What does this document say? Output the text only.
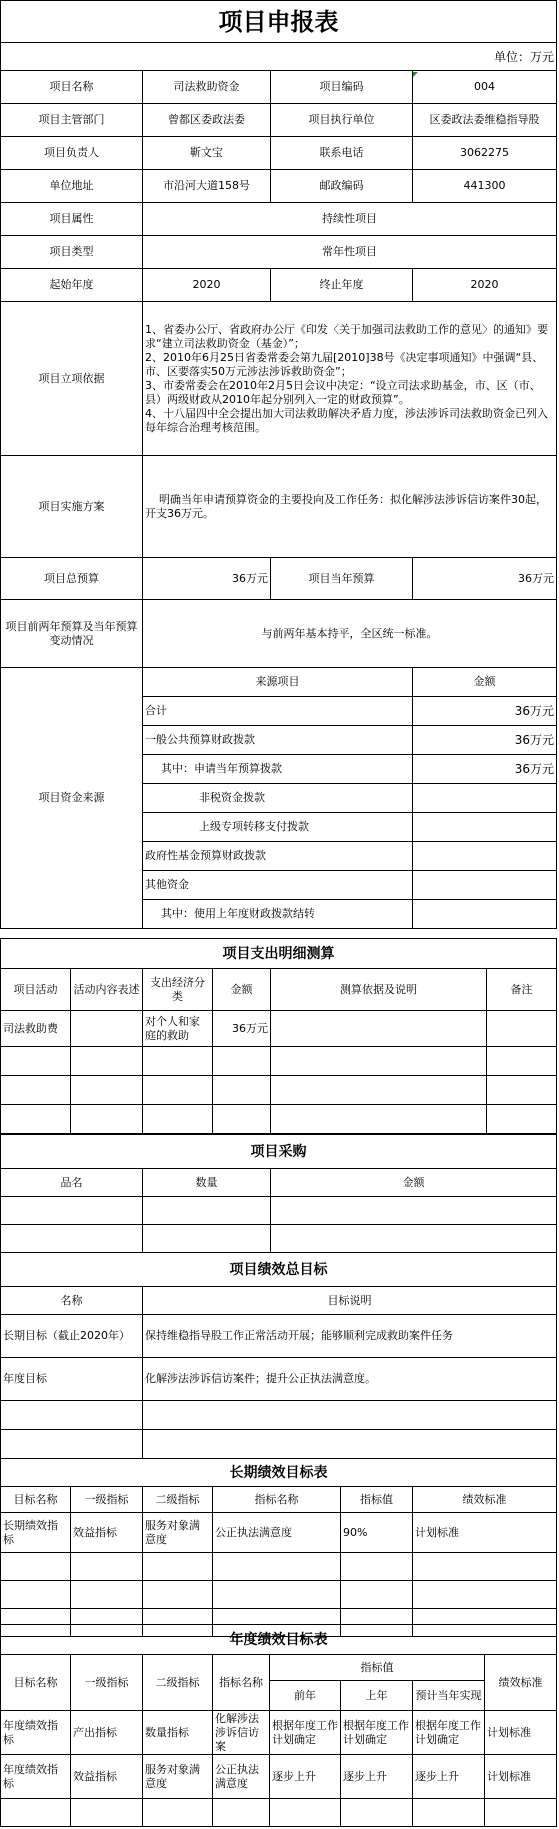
项目申报表			
单位：万元			
项目名称	司法救助资金	项目编码	004
项目主管部门	曾都区委政法委	项目执行单位	区委政法委维稳指导股
项目负责人	靳文宝	联系电话	3062275
单位地址	市沿河大道158号	邮政编码	441300
项目属性	持续性项目		
项目类型	常年性项目		
起始年度	2020	终止年度	2020
项目立项依据	1、省委办公厅、省政府办公厅《印发〈关于加强司法救助工作的意见〉的通知》要求“建立司法救助资金（基金）”；
2、2010年6月25日省委常委会第九届[2010]38号《决定事项通知》中强调“县、市、区要落实50万元涉法涉诉救助资金”；
3、市委常委会在2010年2月5日会议中决定：“设立司法求助基金，市、区（市、县）两级财政从2010年起分别列入一定的财政预算”。
4、十八届四中全会提出加大司法救助解决矛盾力度，涉法涉诉司法救助资金已列入每年综合治理考核范围。		
项目实施方案	明确当年申请预算资金的主要投向及工作任务：拟化解涉法涉诉信访案件30起，开支36万元。		
项目总预算	36万元	项目当年预算	36万元
项目前两年预算及当年预算变动情况	与前两年基本持平，全区统一标准。		
项目资金来源	来源项目		金额
	合计		36万元
	一般公共预算财政拨款		36万元
	其中：申请当年预算拨款		36万元
	非税资金拨款		
	上级专项转移支付拨款		
	政府性基金预算财政拨款		
	其他资金		
	其中：使用上年度财政拨款结转		
项目支出明细测算					
项目活动	活动内容表述	支出经济分类	金额	测算依据及说明	备注
司法救助费		对个人和家庭的救助	36万元		

项目采购		
品名	数量	金额

项目绩效总目标	
名称	目标说明
长期目标（截止2020年）	保持维稳指导股工作正常活动开展；能够顺利完成救助案件任务
年度目标	化解涉法涉诉信访案件；提升公正执法满意度。

长期绩效目标表					
目标名称	一级指标	二级指标	指标名称	指标值	绩效标准
长期绩效指标	效益指标	服务对象满意度	公正执法满意度	90%	计划标准

年度绩效目标表							
目标名称	一级指标	二级指标	指标名称	指标值			绩效标准
				前年	上年	预计当年实现	
年度绩效指标	产出指标	数量指标	化解涉法涉诉信访案	根据年度工作计划确定	根据年度工作计划确定	根据年度工作计划确定	计划标准
年度绩效指标	效益指标	服务对象满意度	公正执法满意度	逐步上升	逐步上升	逐步上升	计划标准
